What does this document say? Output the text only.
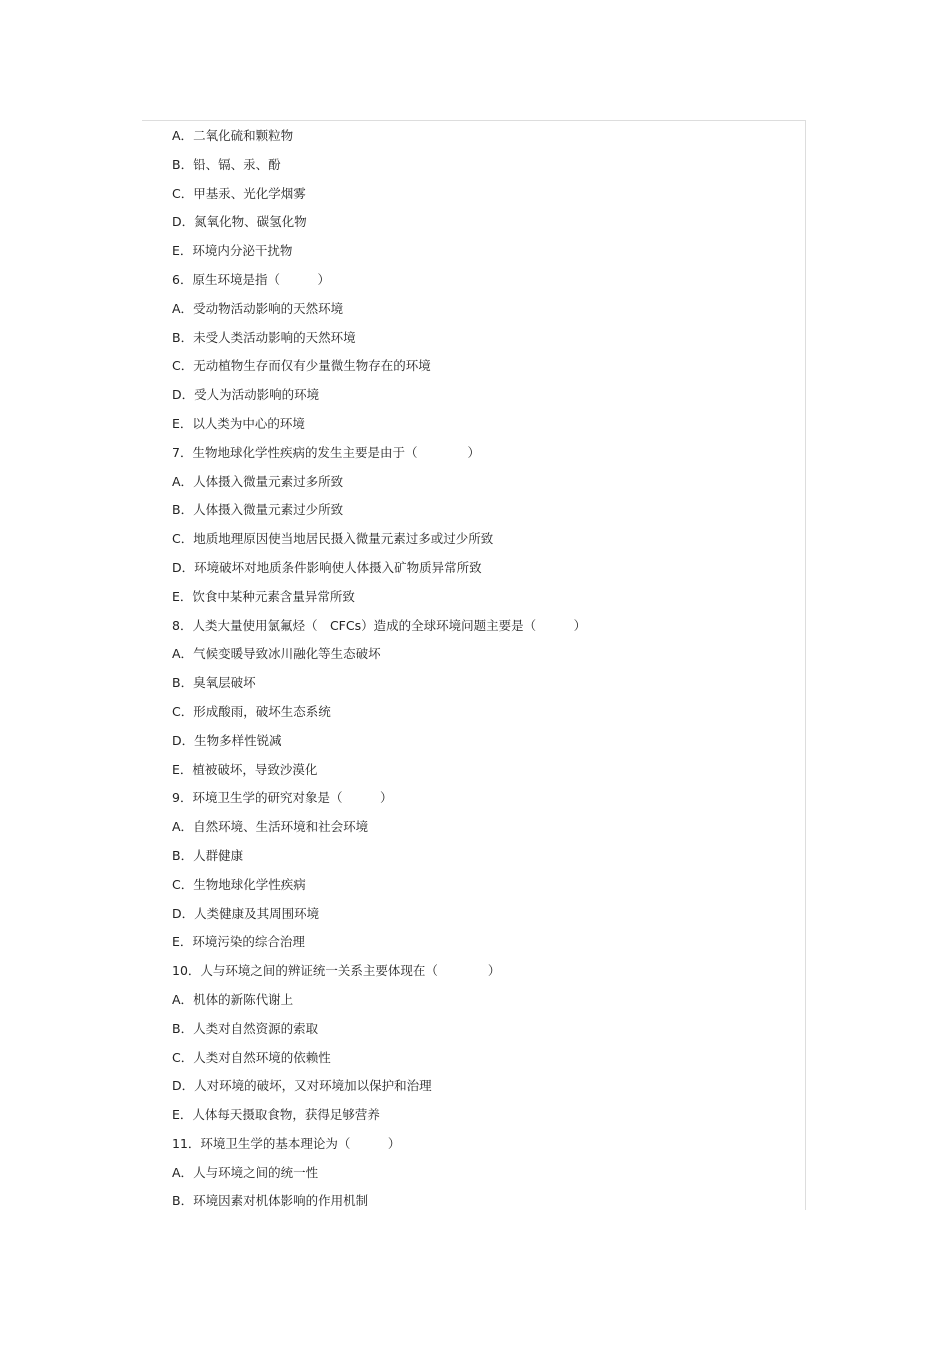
A．二氧化硫和颗粒物
B．铅、镉、汞、酚
C．甲基汞、光化学烟雾
D．氮氧化物、碳氢化物
E．环境内分泌干扰物
6．原生环境是指（　　　）
A．受动物活动影响的天然环境
B．未受人类活动影响的天然环境
C．无动植物生存而仅有少量微生物存在的环境
D．受人为活动影响的环境
E．以人类为中心的环境
7．生物地球化学性疾病的发生主要是由于（　　　　）
A．人体摄入微量元素过多所致
B．人体摄入微量元素过少所致
C．地质地理原因使当地居民摄入微量元素过多或过少所致
D．环境破坏对地质条件影响使人体摄入矿物质异常所致
E．饮食中某种元素含量异常所致
8．人类大量使用氯氟烃（　CFCs）造成的全球环境问题主要是（　　　）
A．气候变暖导致冰川融化等生态破坏
B．臭氧层破坏
C．形成酸雨，破坏生态系统
D．生物多样性锐减
E．植被破坏，导致沙漠化
9．环境卫生学的研究对象是（　　　）
A．自然环境、生活环境和社会环境
B．人群健康
C．生物地球化学性疾病
D．人类健康及其周围环境
E．环境污染的综合治理
10．人与环境之间的辨证统一关系主要体现在（　　　　）
A．机体的新陈代谢上
B．人类对自然资源的索取
C．人类对自然环境的依赖性
D．人对环境的破坏，又对环境加以保护和治理
E．人体每天摄取食物，获得足够营养
11．环境卫生学的基本理论为（　　　）
A．人与环境之间的统一性
B．环境因素对机体影响的作用机制
